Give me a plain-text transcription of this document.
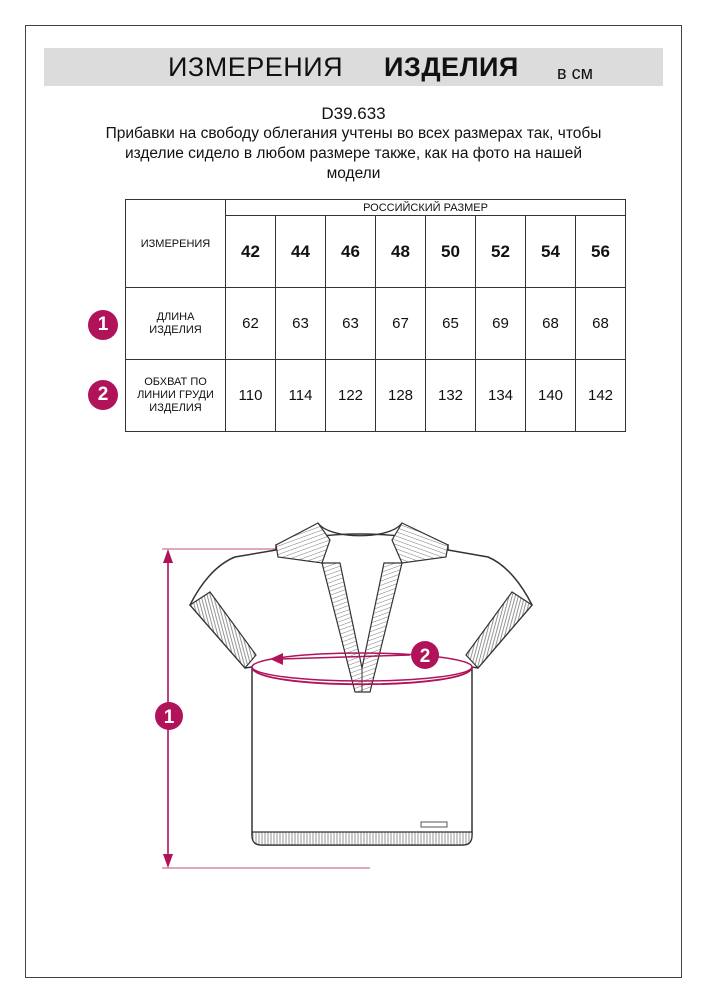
ИЗМЕРЕНИЯ ИЗДЕЛИЯ в см
D39.633
Прибавки на свободу облегания учтены во всех размерах так, чтобы изделие сидело в любом размере также, как на фото на нашей модели
ИЗМЕРЕНИЯ	РОССИЙСКИЙ РАЗМЕР							
	42	44	46	48	50	52	54	56

ДЛИНА
ИЗДЕЛИЯ	62	63	63	67	65	69	68	68

ОБХВАТ ПО
ЛИНИИ ГРУДИ
ИЗДЕЛИЯ	110	114	122	128	132	134	140	142
1
2
1
2
